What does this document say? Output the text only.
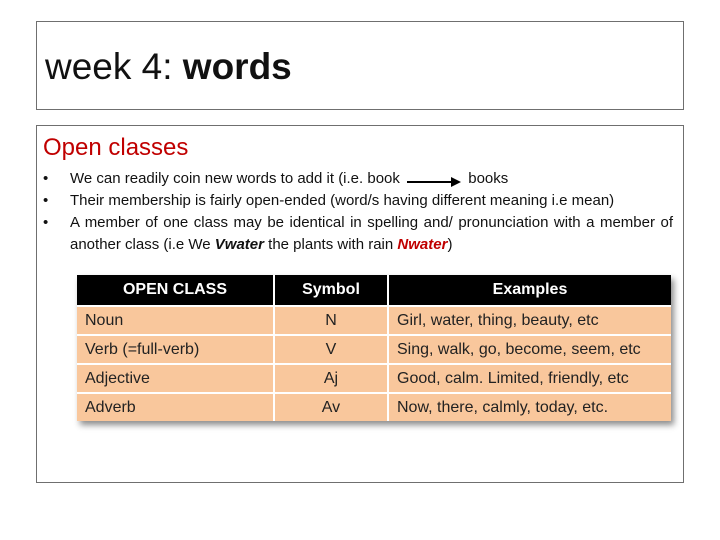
week 4: words
Open classes
• We can readily coin new words to add it (i.e. book	books
• Their membership is fairly open-ended (word/s having different meaning i.e mean)
• A member of one class may be identical in spelling and/ pronunciation with a member of another class (i.e We Vwater the plants with rain Nwater)
OPEN CLASS	Symbol	Examples
Noun	N	Girl, water, thing, beauty, etc
Verb (=full-verb)	V	Sing, walk, go, become, seem, etc
Adjective	Aj	Good, calm. Limited, friendly, etc
Adverb	Av	Now, there, calmly, today, etc.
